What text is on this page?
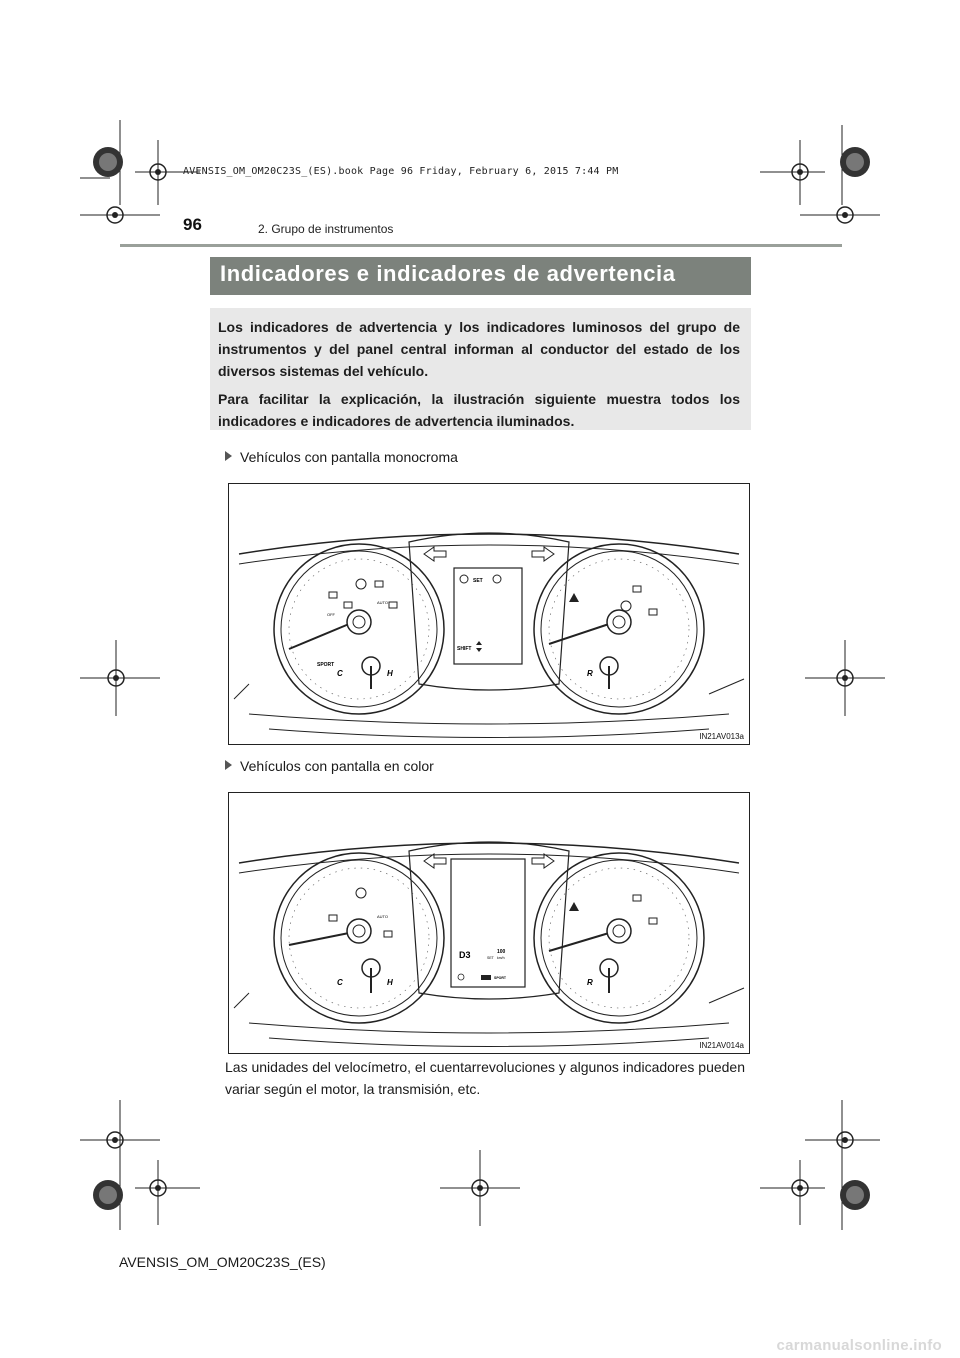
AVENSIS_OM_OM20C23S_(ES).book Page 96 Friday, February 6, 2015 7:44 PM
96	2. Grupo de instrumentos
Indicadores e indicadores de advertencia

Los indicadores de advertencia y los indicadores luminosos del grupo de instrumentos y del panel central informan al conductor del estado de los diversos sistemas del vehículo.

Para facilitar la explicación, la ilustración siguiente muestra todos los indicadores e indicadores de advertencia iluminados.

Vehículos con pantalla monocroma
C	H
SPORT
OFF
AUTO
R
SET
SHIFT
IN21AV013a
Vehículos con pantalla en color
C	H
AUTO
R
D3	100
km/h
SET
SPORT
IN21AV014a
Las unidades del velocímetro, el cuentarrevoluciones y algunos indicadores pueden variar según el motor, la transmisión, etc.
AVENSIS_OM_OM20C23S_(ES)
carmanualsonline.info
